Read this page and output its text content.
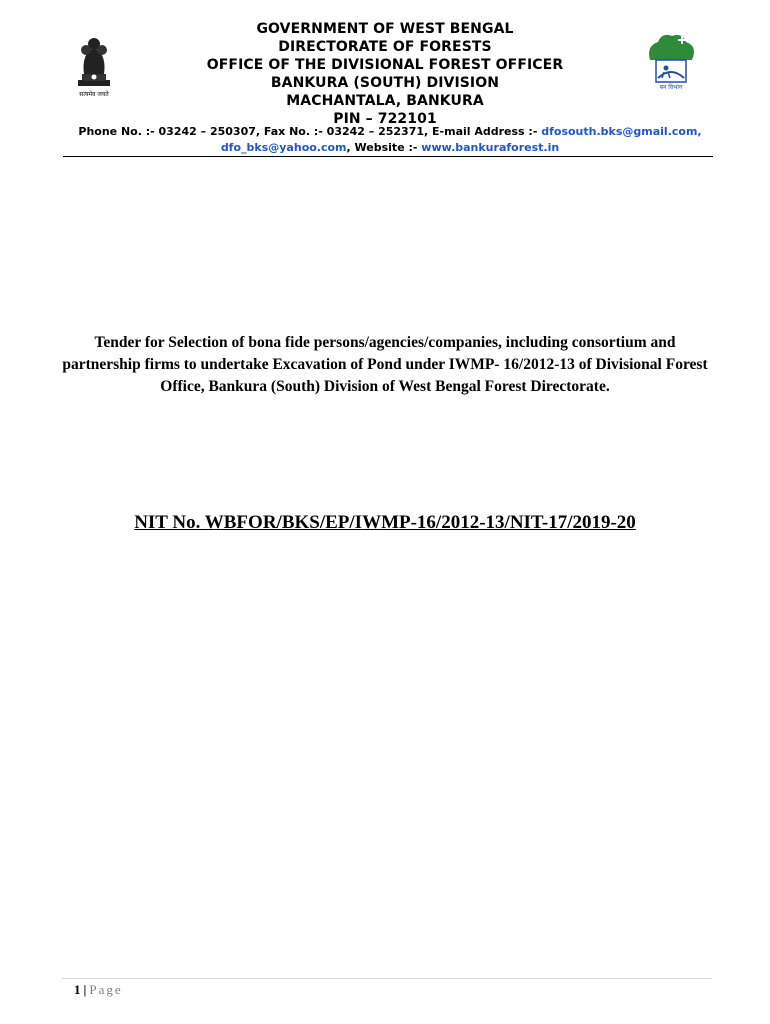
सत्यमेव जयते
बन विभाग
GOVERNMENT OF WEST BENGAL
DIRECTORATE OF FORESTS
OFFICE OF THE DIVISIONAL FOREST OFFICER
BANKURA (SOUTH) DIVISION
MACHANTALA, BANKURA
PIN – 722101
Phone No. :- 03242 – 250307, Fax No. :- 03242 – 252371, E-mail Address :- dfosouth.bks@gmail.com,
dfo_bks@yahoo.com, Website :- www.bankuraforest.in
Tender for Selection of bona fide persons/agencies/companies, including consortium and partnership firms to undertake Excavation of Pond under IWMP- 16/2012-13 of Divisional Forest Office, Bankura (South) Division of West Bengal Forest Directorate.
NIT No. WBFOR/BKS/EP/IWMP-16/2012-13/NIT-17/2019-20
1 | Page
